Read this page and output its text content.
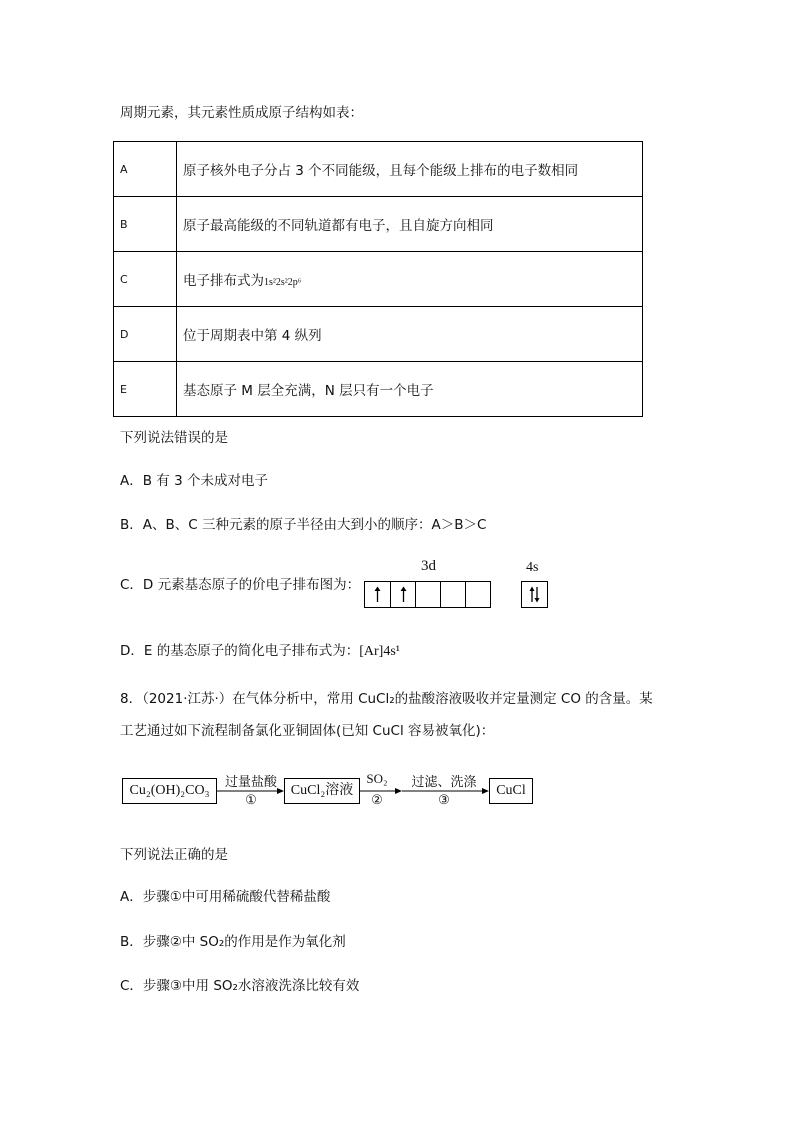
周期元素，其元素性质成原子结构如表：
A	原子核外电子分占 3 个不同能级，且每个能级上排布的电子数相同
B	原子最高能级的不同轨道都有电子，且自旋方向相同
C	电子排布式为1s²2s²2p⁶
D	位于周期表中第 4 纵列
E	基态原子 M 层全充满，N 层只有一个电子
下列说法错误的是
A．B 有 3 个未成对电子
B．A、B、C 三种元素的原子半径由大到小的顺序：A＞B＞C
C．D 元素基态原子的价电子排布图为：
3d	4s
D．E 的基态原子的简化电子排布式为：[Ar]4s¹
8．（2021·江苏·）在气体分析中，常用 CuCl₂的盐酸溶液吸收并定量测定 CO 的含量。某
工艺通过如下流程制备氯化亚铜固体(已知 CuCl 容易被氧化)：
Cu₂(OH)₂CO₃
过量盐酸
①
CuCl₂溶液
SO₂
②
过滤、洗涤
③
CuCl
下列说法正确的是
A．步骤①中可用稀硫酸代替稀盐酸
B．步骤②中 SO₂的作用是作为氧化剂
C．步骤③中用 SO₂水溶液洗涤比较有效
